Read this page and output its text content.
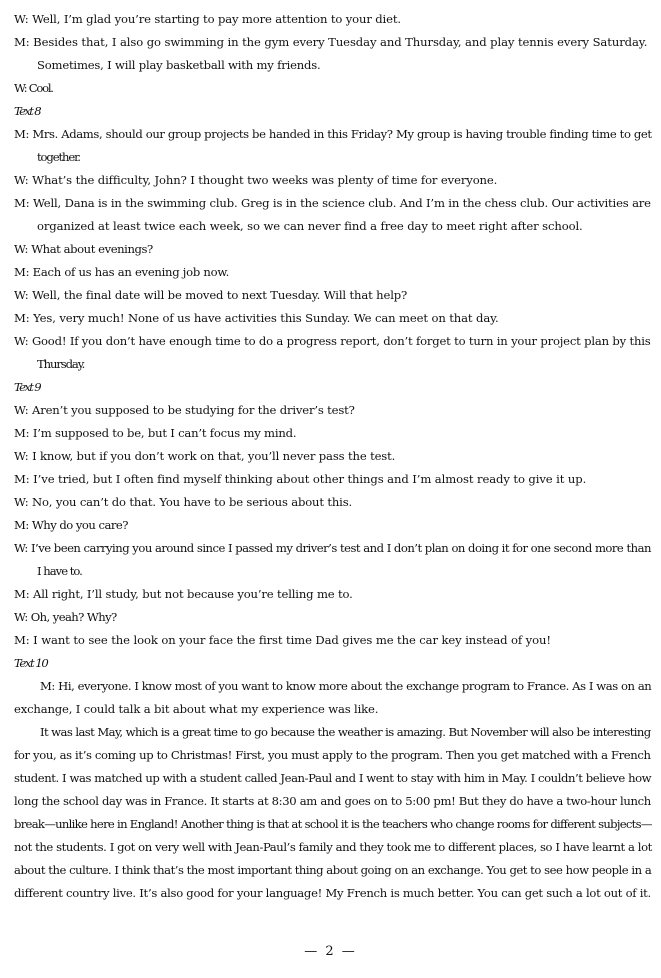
W: Well, I’m glad you’re starting to pay more attention to your diet.
M: Besides that, I also go swimming in the gym every Tuesday and Thursday, and play tennis every Saturday.
Sometimes, I will play basketball with my friends.
W: Cool.
Text 8
M: Mrs. Adams, should our group projects be handed in this Friday? My group is having trouble finding time to get
together.
W: What’s the difficulty, John? I thought two weeks was plenty of time for everyone.
M: Well, Dana is in the swimming club. Greg is in the science club. And I’m in the chess club. Our activities are
organized at least twice each week, so we can never find a free day to meet right after school.
W: What about evenings?
M: Each of us has an evening job now.
W: Well, the final date will be moved to next Tuesday. Will that help?
M: Yes, very much! None of us have activities this Sunday. We can meet on that day.
W: Good! If you don’t have enough time to do a progress report, don’t forget to turn in your project plan by this
Thursday.
Text 9
W: Aren’t you supposed to be studying for the driver’s test?
M: I’m supposed to be, but I can’t focus my mind.
W: I know, but if you don’t work on that, you’ll never pass the test.
M: I’ve tried, but I often find myself thinking about other things and I’m almost ready to give it up.
W: No, you can’t do that. You have to be serious about this.
M: Why do you care?
W: I’ve been carrying you around since I passed my driver’s test and I don’t plan on doing it for one second more than
I have to.
M: All right, I’ll study, but not because you’re telling me to.
W: Oh, yeah? Why?
M: I want to see the look on your face the first time Dad gives me the car key instead of you!
Text 10
M: Hi, everyone. I know most of you want to know more about the exchange program to France. As I was on an
exchange, I could talk a bit about what my experience was like.
It was last May, which is a great time to go because the weather is amazing. But November will also be interesting
for you, as it’s coming up to Christmas! First, you must apply to the program. Then you get matched with a French
student. I was matched up with a student called Jean-Paul and I went to stay with him in May. I couldn’t believe how
long the school day was in France. It starts at 8:30 am and goes on to 5:00 pm! But they do have a two-hour lunch
break—unlike here in England! Another thing is that at school it is the teachers who change rooms for different subjects—
not the students. I got on very well with Jean-Paul’s family and they took me to different places, so I have learnt a lot
about the culture. I think that’s the most important thing about going on an exchange. You get to see how people in a
different country live. It’s also good for your language! My French is much better. You can get such a lot out of it.
— 2 —
